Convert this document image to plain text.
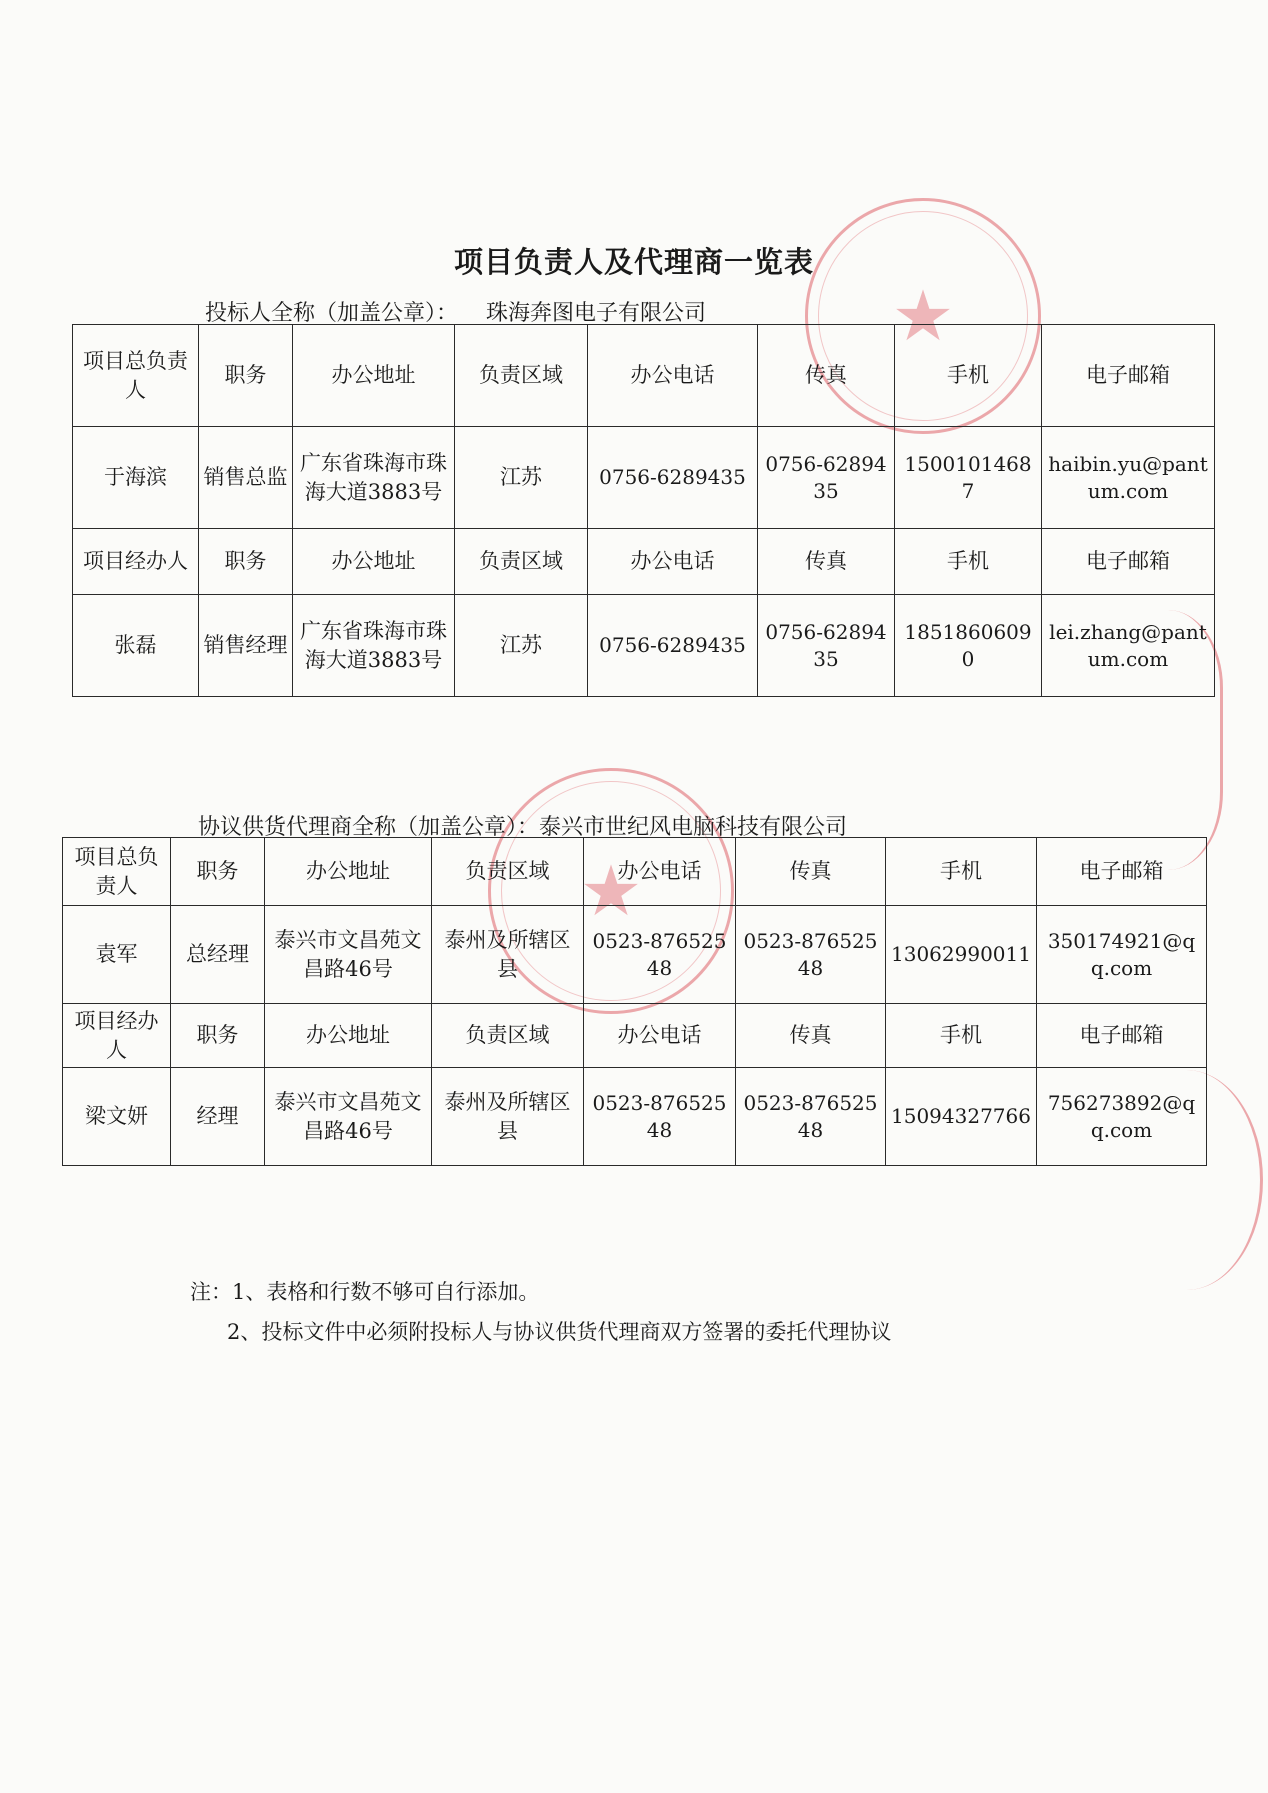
★
★
项目负责人及代理商一览表
投标人全称（加盖公章）： 珠海奔图电子有限公司
项目总负责人	职务	办公地址	负责区域	办公电话	传真	手机	电子邮箱
于海滨	销售总监	广东省珠海市珠海大道3883号	江苏	0756-6289435	0756-6289435	15001014687	haibin.yu@pantum.com
项目经办人	职务	办公地址	负责区域	办公电话	传真	手机	电子邮箱
张磊	销售经理	广东省珠海市珠海大道3883号	江苏	0756-6289435	0756-6289435	18518606090	lei.zhang@pantum.com
协议供货代理商全称（加盖公章）：泰兴市世纪风电脑科技有限公司
项目总负责人	职务	办公地址	负责区域	办公电话	传真	手机	电子邮箱
袁军	总经理	泰兴市文昌苑文昌路46号	泰州及所辖区县	0523-87652548	0523-87652548	13062990011	350174921@qq.com
项目经办人	职务	办公地址	负责区域	办公电话	传真	手机	电子邮箱
梁文妍	经理	泰兴市文昌苑文昌路46号	泰州及所辖区县	0523-87652548	0523-87652548	15094327766	756273892@qq.com
注：1、表格和行数不够可自行添加。
2、投标文件中必须附投标人与协议供货代理商双方签署的委托代理协议
